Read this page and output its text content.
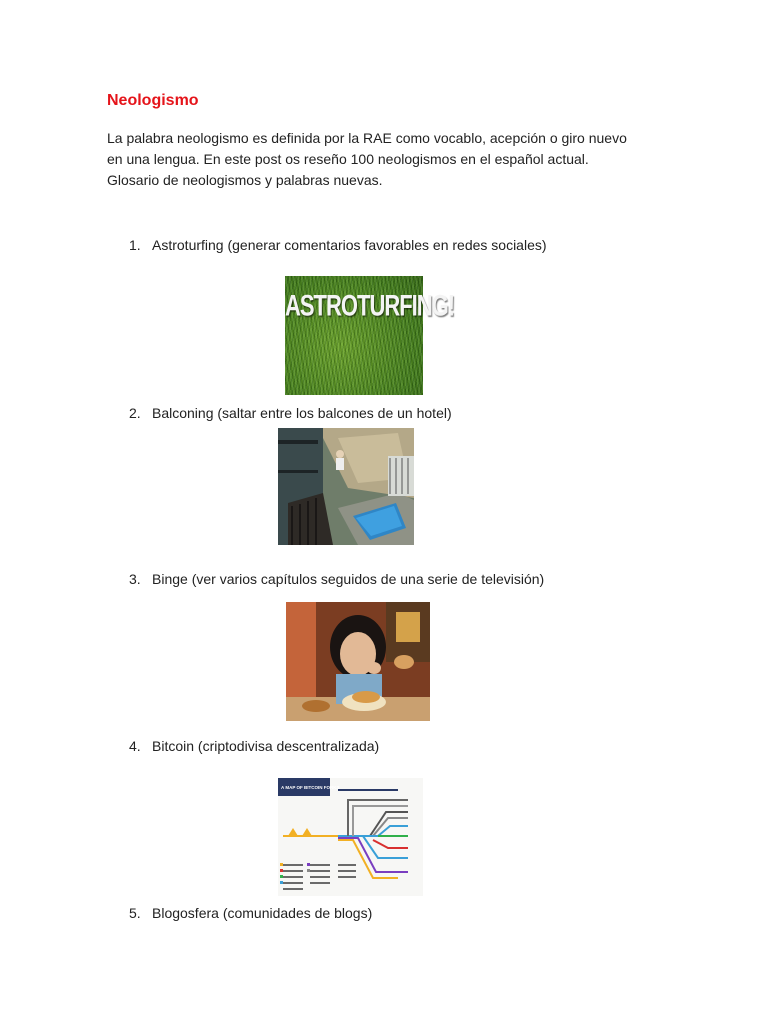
Neologismo
La palabra neologismo es definida por la RAE como vocablo, acepción o giro nuevo en una lengua. En este post os reseño 100 neologismos en el español actual. Glosario de neologismos y palabras nuevas.
1. Astroturfing (generar comentarios favorables en redes sociales)
ASTROTURFING!
2. Balconing (saltar entre los balcones de un hotel)
3. Binge (ver varios capítulos seguidos de una serie de televisión)
4. Bitcoin (criptodivisa descentralizada)
A MAP OF BITCOIN FORKS
5. Blogosfera (comunidades de blogs)
